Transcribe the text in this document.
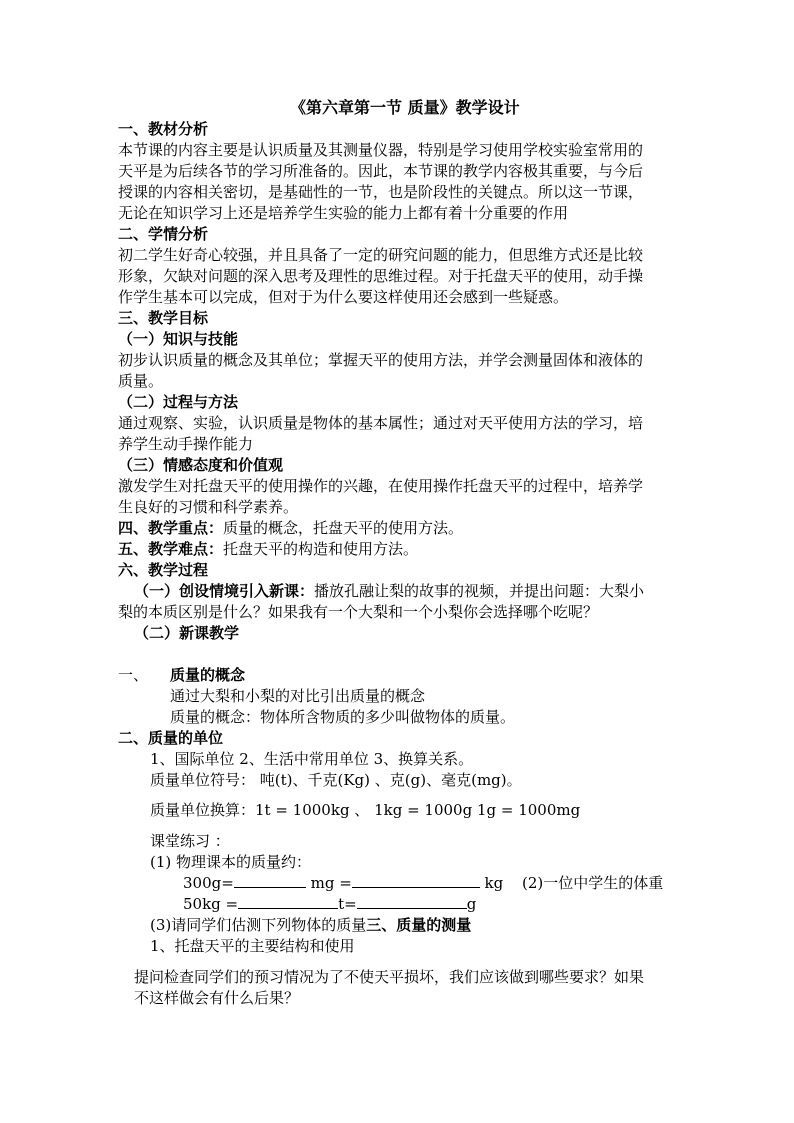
《第六章第一节 质量》教学设计
一、教材分析
本节课的内容主要是认识质量及其测量仪器，特别是学习使用学校实验室常用的
天平是为后续各节的学习所准备的。因此，本节课的教学内容极其重要，与今后
授课的内容相关密切，是基础性的一节，也是阶段性的关键点。所以这一节课，
无论在知识学习上还是培养学生实验的能力上都有着十分重要的作用
二、学情分析
初二学生好奇心较强，并且具备了一定的研究问题的能力，但思维方式还是比较
形象，欠缺对问题的深入思考及理性的思维过程。对于托盘天平的使用，动手操
作学生基本可以完成，但对于为什么要这样使用还会感到一些疑惑。
三、教学目标
（一）知识与技能
初步认识质量的概念及其单位；掌握天平的使用方法，并学会测量固体和液体的
质量。
（二）过程与方法
通过观察、实验，认识质量是物体的基本属性；通过对天平使用方法的学习，培
养学生动手操作能力
（三）情感态度和价值观
激发学生对托盘天平的使用操作的兴趣，在使用操作托盘天平的过程中，培养学
生良好的习惯和科学素养。
四、教学重点：质量的概念，托盘天平的使用方法。
五、教学难点：托盘天平的构造和使用方法。
六、教学过程
（一）创设情境引入新课：播放孔融让梨的故事的视频，并提出问题：大梨小
梨的本质区别是什么？如果我有一个大梨和一个小梨你会选择哪个吃呢？
（二）新课教学
一、 质量的概念
通过大梨和小梨的对比引出质量的概念
质量的概念：物体所含物质的多少叫做物体的质量。
二、质量的单位
1、国际单位 2、生活中常用单位 3、换算关系。
质量单位符号： 吨(t)、千克(Kg) 、克(g)、毫克(mg)。
质量单位换算：1t = 1000kg 、 1kg = 1000g 1g = 1000mg
课堂练习 ：
(1) 物理课本的质量约：
300g=	mg =	kg (2)一位中学生的体重
50kg =	t=	g
(3)请同学们估测下列物体的质量三、质量的测量
1、托盘天平的主要结构和使用
提问检查同学们的预习情况为了不使天平损坏，我们应该做到哪些要求？如果
不这样做会有什么后果？
